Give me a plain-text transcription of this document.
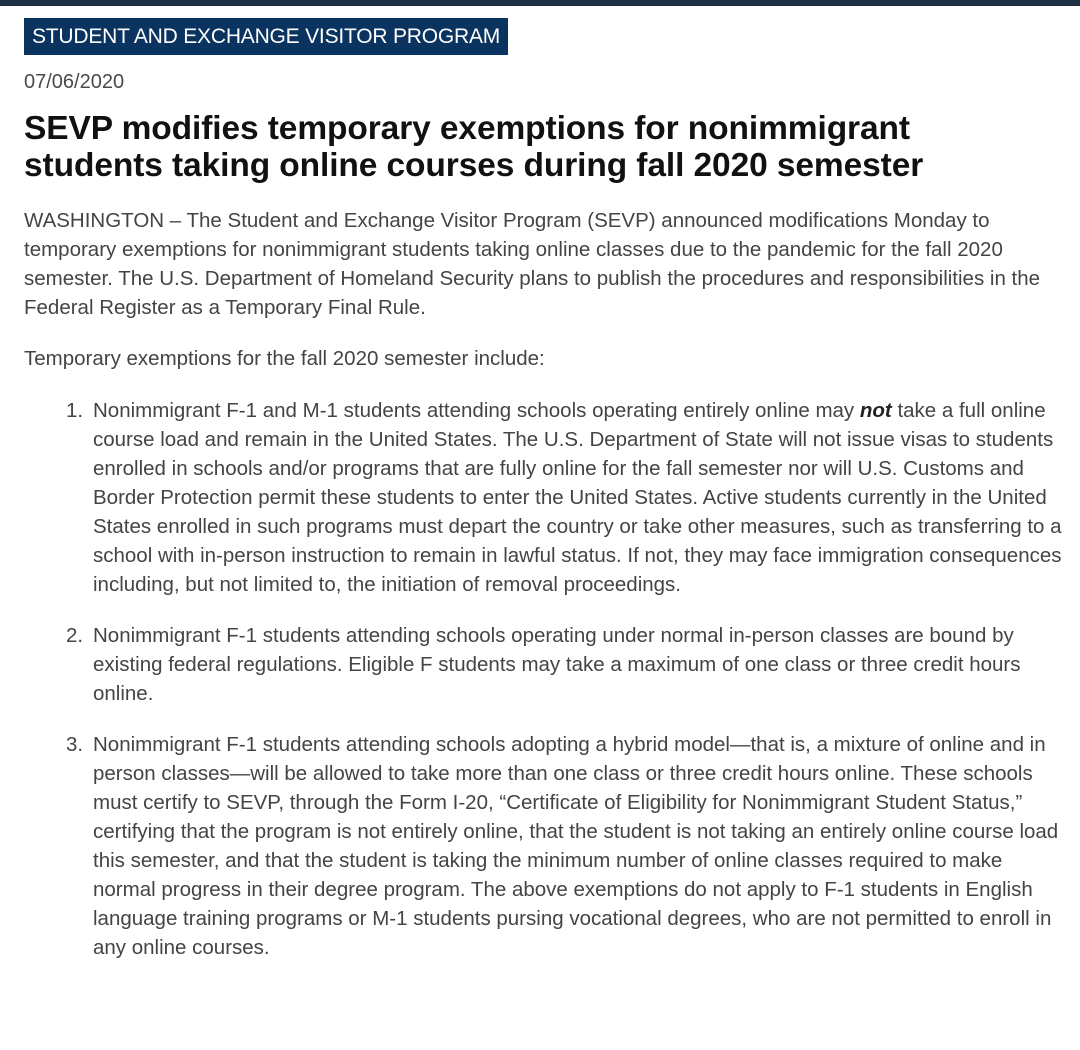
STUDENT AND EXCHANGE VISITOR PROGRAM
07/06/2020
SEVP modifies temporary exemptions for nonimmigrant students taking online courses during fall 2020 semester

WASHINGTON – The Student and Exchange Visitor Program (SEVP) announced modifications Monday to temporary exemptions for nonimmigrant students taking online classes due to the pandemic for the fall 2020 semester. The U.S. Department of Homeland Security plans to publish the procedures and responsibilities in the Federal Register as a Temporary Final Rule.

Temporary exemptions for the fall 2020 semester include:

1. Nonimmigrant F-1 and M-1 students attending schools operating entirely online may not take a full online course load and remain in the United States. The U.S. Department of State will not issue visas to students enrolled in schools and/or programs that are fully online for the fall semester nor will U.S. Customs and Border Protection permit these students to enter the United States. Active students currently in the United States enrolled in such programs must depart the country or take other measures, such as transferring to a school with in-person instruction to remain in lawful status. If not, they may face immigration consequences including, but not limited to, the initiation of removal proceedings.
2. Nonimmigrant F-1 students attending schools operating under normal in-person classes are bound by existing federal regulations. Eligible F students may take a maximum of one class or three credit hours online.
3. Nonimmigrant F-1 students attending schools adopting a hybrid model—that is, a mixture of online and in person classes—will be allowed to take more than one class or three credit hours online. These schools must certify to SEVP, through the Form I-20, “Certificate of Eligibility for Nonimmigrant Student Status,” certifying that the program is not entirely online, that the student is not taking an entirely online course load this semester, and that the student is taking the minimum number of online classes required to make normal progress in their degree program. The above exemptions do not apply to F-1 students in English language training programs or M-1 students pursing vocational degrees, who are not permitted to enroll in any online courses.
